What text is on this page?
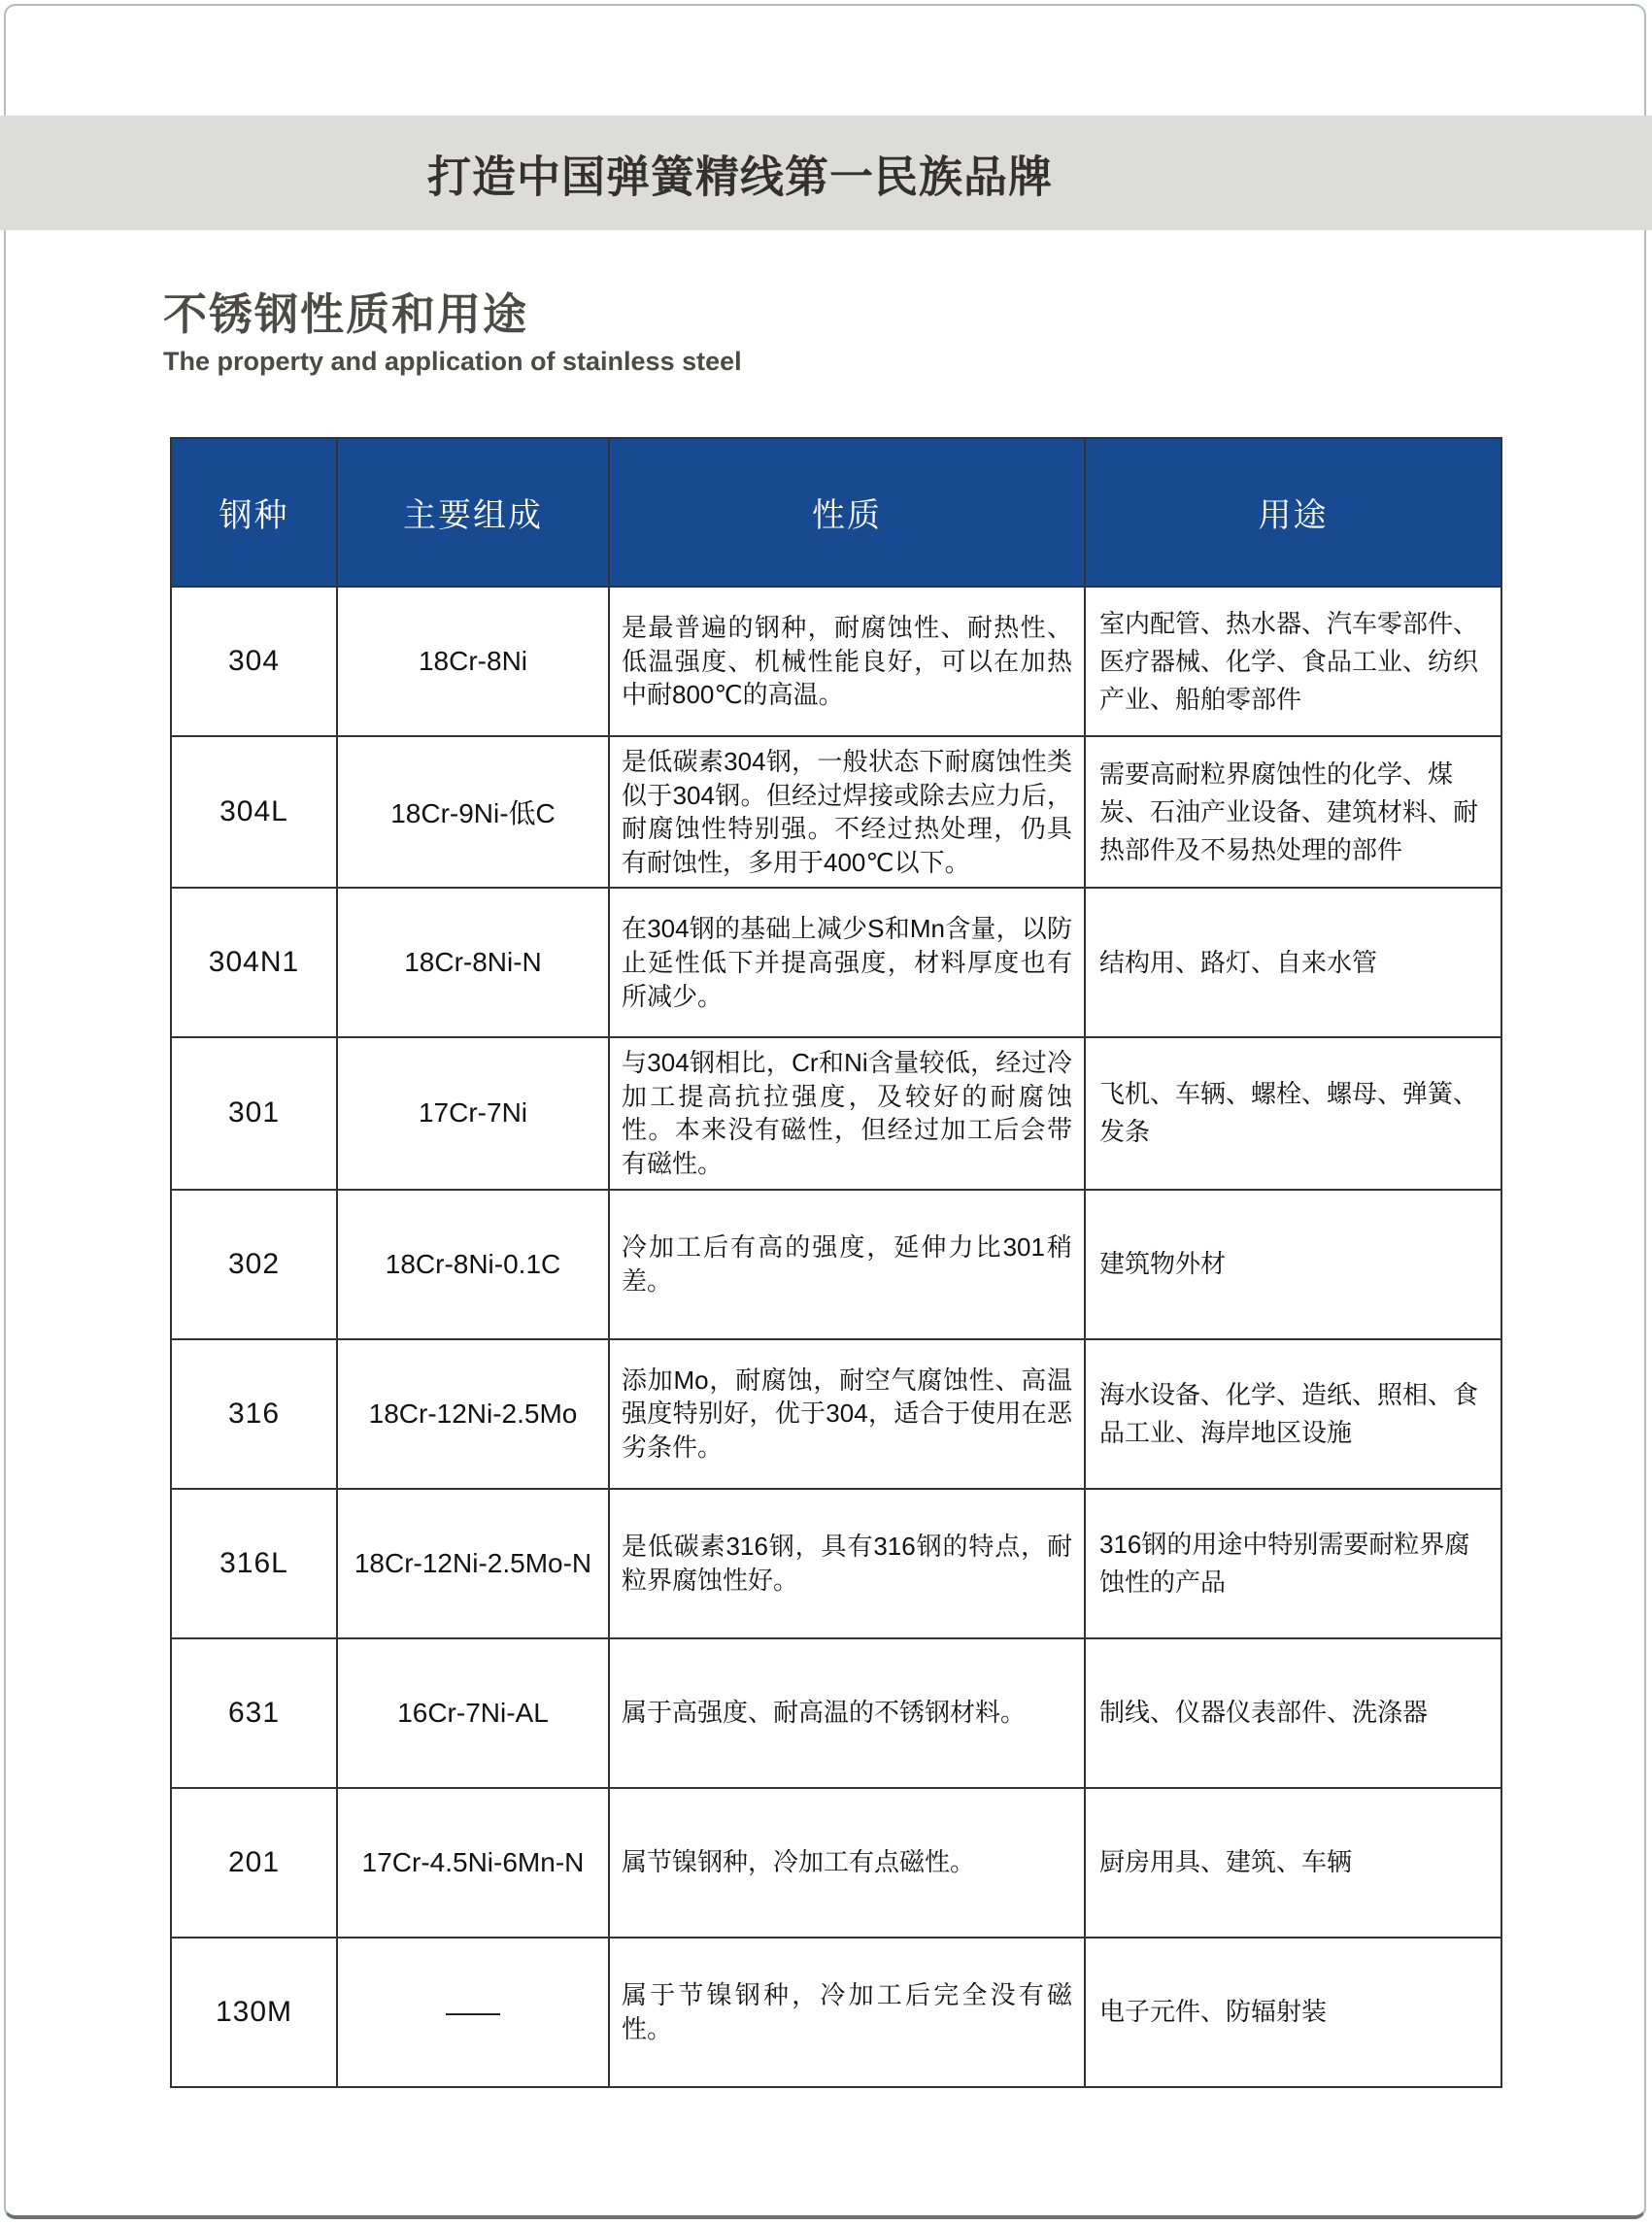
打造中国弹簧精线第一民族品牌
不锈钢性质和用途
The property and application of stainless steel
钢种	主要组成	性质	用途
304	18Cr-8Ni	是最普遍的钢种，耐腐蚀性、耐热性、低温强度、机械性能良好，可以在加热中耐800℃的高温。	室内配管、热水器、汽车零部件、医疗器械、化学、食品工业、纺织产业、船舶零部件
304L	18Cr-9Ni-低C	是低碳素304钢，一般状态下耐腐蚀性类似于304钢。但经过焊接或除去应力后，耐腐蚀性特别强。不经过热处理，仍具有耐蚀性，多用于400℃以下。	需要高耐粒界腐蚀性的化学、煤炭、石油产业设备、建筑材料、耐热部件及不易热处理的部件
304N1	18Cr-8Ni-N	在304钢的基础上减少S和Mn含量，以防止延性低下并提高强度，材料厚度也有所减少。	结构用、路灯、自来水管
301	17Cr-7Ni	与304钢相比，Cr和Ni含量较低，经过冷加工提高抗拉强度，及较好的耐腐蚀性。本来没有磁性，但经过加工后会带有磁性。	飞机、车辆、螺栓、螺母、弹簧、发条
302	18Cr-8Ni-0.1C	冷加工后有高的强度，延伸力比301稍差。	建筑物外材
316	18Cr-12Ni-2.5Mo	添加Mo，耐腐蚀，耐空气腐蚀性、高温强度特别好，优于304，适合于使用在恶劣条件。	海水设备、化学、造纸、照相、食品工业、海岸地区设施
316L	18Cr-12Ni-2.5Mo-N	是低碳素316钢，具有316钢的特点，耐粒界腐蚀性好。	316钢的用途中特别需要耐粒界腐蚀性的产品
631	16Cr-7Ni-AL	属于高强度、耐高温的不锈钢材料。	制线、仪器仪表部件、洗涤器
201	17Cr-4.5Ni-6Mn-N	属节镍钢种，冷加工有点磁性。	厨房用具、建筑、车辆
130M	——	属于节镍钢种，冷加工后完全没有磁性。	电子元件、防辐射装
